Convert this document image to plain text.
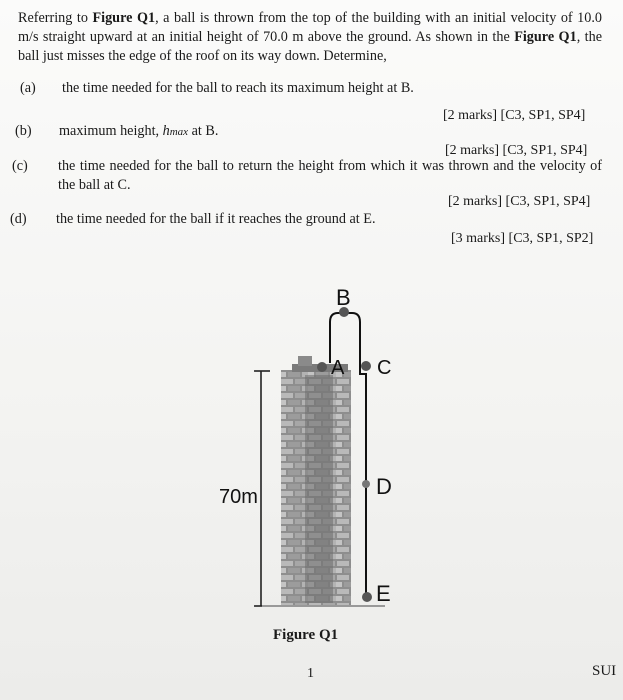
Referring to Figure Q1, a ball is thrown from the top of the building with an initial velocity of 10.0 m/s straight upward at an initial height of 70.0 m above the ground. As shown in the Figure Q1, the ball just misses the edge of the roof on its way down. Determine,

(a) the time needed for the ball to reach its maximum height at B.
[2 marks] [C3, SP1, SP4]
(b) maximum height, hmax at B.
[2 marks] [C3, SP1, SP4]
(c) the time needed for the ball to return the height from which it was thrown and the velocity of the ball at C.
[2 marks] [C3, SP1, SP4]
(d) the time needed for the ball if it reaches the ground at E.
[3 marks] [C3, SP1, SP2]
70m
B
A C
D
E
Figure Q1
1	SUI
